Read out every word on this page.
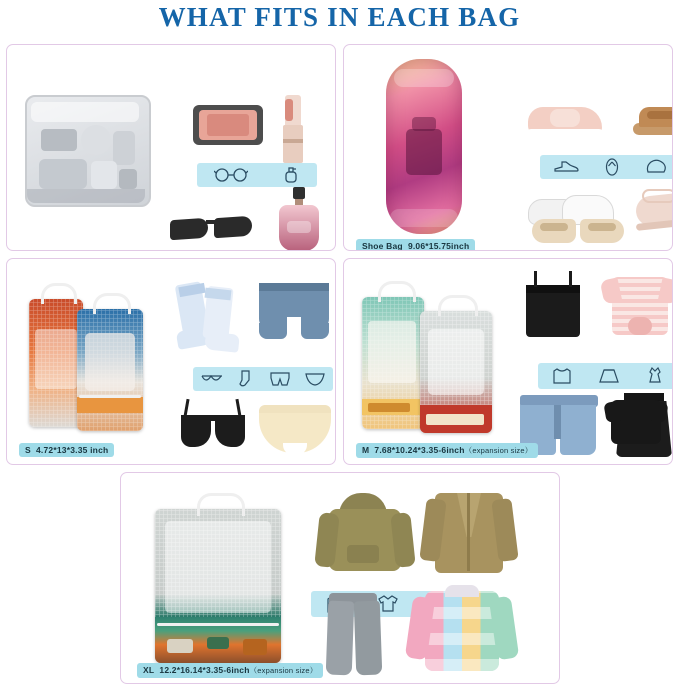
WHAT FITS IN EACH BAG
Shoe Bag 9.06*15.75inch
S 4.72*13*3.35 inch	M 7.68*10.24*3.35-6inch（expansion size）
XL 12.2*16.14*3.35-6inch（expansion size）
